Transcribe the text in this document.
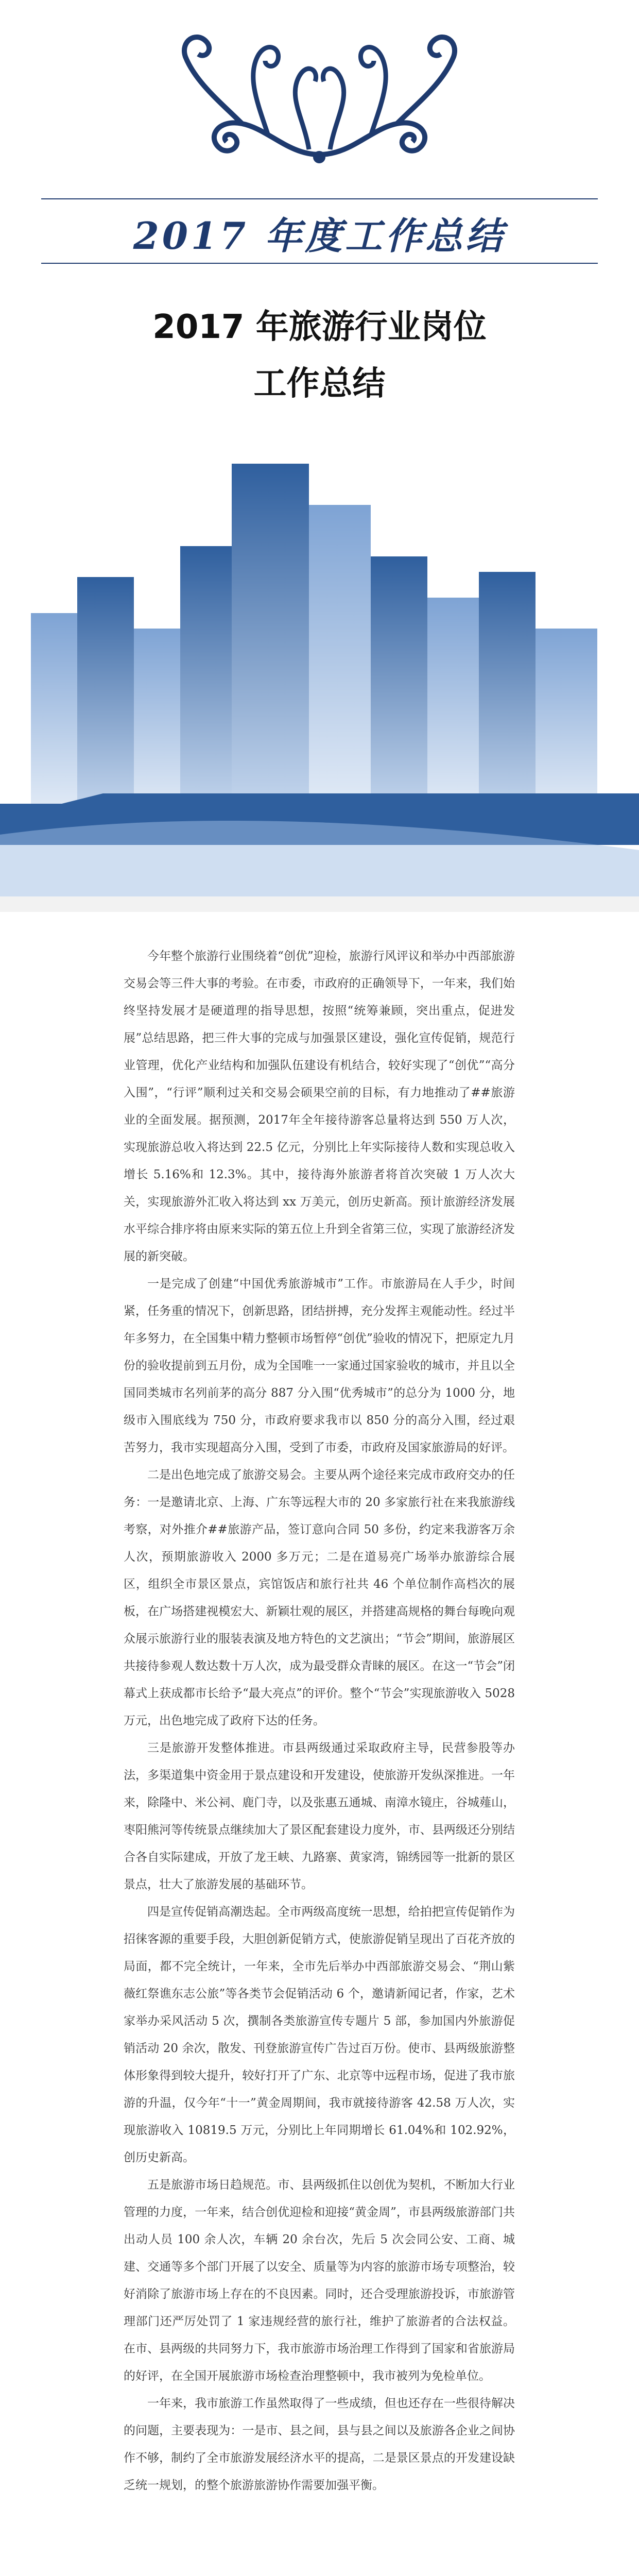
2017 年度工作总结
2017 年旅游行业岗位
工作总结

今年整个旅游行业围绕着“创优”迎检，旅游行风评议和举办中西部旅游交易会等三件大事的考验。在市委，市政府的正确领导下，一年来，我们始终坚持发展才是硬道理的指导思想，按照“统筹兼顾，突出重点，促进发展”总结思路，把三件大事的完成与加强景区建设，强化宣传促销，规范行业管理，优化产业结构和加强队伍建设有机结合，较好实现了“创优”“高分入围”，“行评”顺利过关和交易会硕果空前的目标，有力地推动了##旅游业的全面发展。据预测，2017年全年接待游客总量将达到 550 万人次，实现旅游总收入将达到 22.5 亿元，分别比上年实际接待人数和实现总收入增长 5.16%和 12.3%。其中，接待海外旅游者将首次突破 1 万人次大关，实现旅游外汇收入将达到 xx 万美元，创历史新高。预计旅游经济发展水平综合排序将由原来实际的第五位上升到全省第三位，实现了旅游经济发展的新突破。

一是完成了创建“中国优秀旅游城市”工作。市旅游局在人手少，时间紧，任务重的情况下，创新思路，团结拼搏，充分发挥主观能动性。经过半年多努力，在全国集中精力整顿市场暂停“创优”验收的情况下，把原定九月份的验收提前到五月份，成为全国唯一一家通过国家验收的城市，并且以全国同类城市名列前茅的高分 887 分入围“优秀城市”的总分为 1000 分，地级市入围底线为 750 分，市政府要求我市以 850 分的高分入围，经过艰苦努力，我市实现超高分入围，受到了市委，市政府及国家旅游局的好评。

二是出色地完成了旅游交易会。主要从两个途径来完成市政府交办的任务：一是邀请北京、上海、广东等远程大市的 20 多家旅行社在来我旅游线考察，对外推介##旅游产品，签订意向合同 50 多份，约定来我游客万余人次，预期旅游收入 2000 多万元；二是在道易亮广场举办旅游综合展区，组织全市景区景点，宾馆饭店和旅行社共 46 个单位制作高档次的展板，在广场搭建视模宏大、新颖壮观的展区，并搭建高规格的舞台每晚向观众展示旅游行业的服装表演及地方特色的文艺演出；“节会”期间，旅游展区共接待参观人数达数十万人次，成为最受群众青睐的展区。在这一“节会”闭幕式上获成都市长给予“最大亮点”的评价。整个“节会”实现旅游收入 5028 万元，出色地完成了政府下达的任务。

三是旅游开发整体推进。市县两级通过采取政府主导，民营参股等办法，多渠道集中资金用于景点建设和开发建设，使旅游开发纵深推进。一年来，除隆中、米公祠、鹿门寺，以及张惠五通城、南漳水镜庄，谷城薤山，枣阳熊河等传统景点继续加大了景区配套建设力度外，市、县两级还分别结合各自实际建成，开放了龙王峡、九路寨、黄家湾，锦绣园等一批新的景区景点，壮大了旅游发展的基础环节。

四是宣传促销高潮迭起。全市两级高度统一思想，给拍把宣传促销作为招徕客源的重要手段，大胆创新促销方式，使旅游促销呈现出了百花齐放的局面，都不完全统计，一年来，全市先后举办中西部旅游交易会、“荆山紫薇红祭谯东志公旅”等各类节会促销活动 6 个，邀请新闻记者，作家，艺术家举办采风活动 5 次，撰制各类旅游宣传专题片 5 部，参加国内外旅游促销活动 20 余次，散发、刊登旅游宣传广告过百万份。使市、县两级旅游整体形象得到较大提升，较好打开了广东、北京等中远程市场，促进了我市旅游的升温，仅今年“十一”黄金周期间，我市就接待游客 42.58 万人次，实现旅游收入 10819.5 万元，分别比上年同期增长 61.04%和 102.92%，创历史新高。

五是旅游市场日趋规范。市、县两级抓住以创优为契机，不断加大行业管理的力度，一年来，结合创优迎检和迎接“黄金周”，市县两级旅游部门共出动人员 100 余人次，车辆 20 余台次，先后 5 次会同公安、工商、城建、交通等多个部门开展了以安全、质量等为内容的旅游市场专项整治，较好消除了旅游市场上存在的不良因素。同时，还合受理旅游投诉，市旅游管理部门还严厉处罚了 1 家违规经营的旅行社，维护了旅游者的合法权益。在市、县两级的共同努力下，我市旅游市场治理工作得到了国家和省旅游局的好评，在全国开展旅游市场检查治理整顿中，我市被列为免检单位。

一年来，我市旅游工作虽然取得了一些成绩，但也还存在一些很待解决的问题，主要表现为：一是市、县之间，县与县之间以及旅游各企业之间协作不够，制约了全市旅游发展经济水平的提高，二是景区景点的开发建设缺乏统一规划，的整个旅游旅游协作需要加强平衡。
